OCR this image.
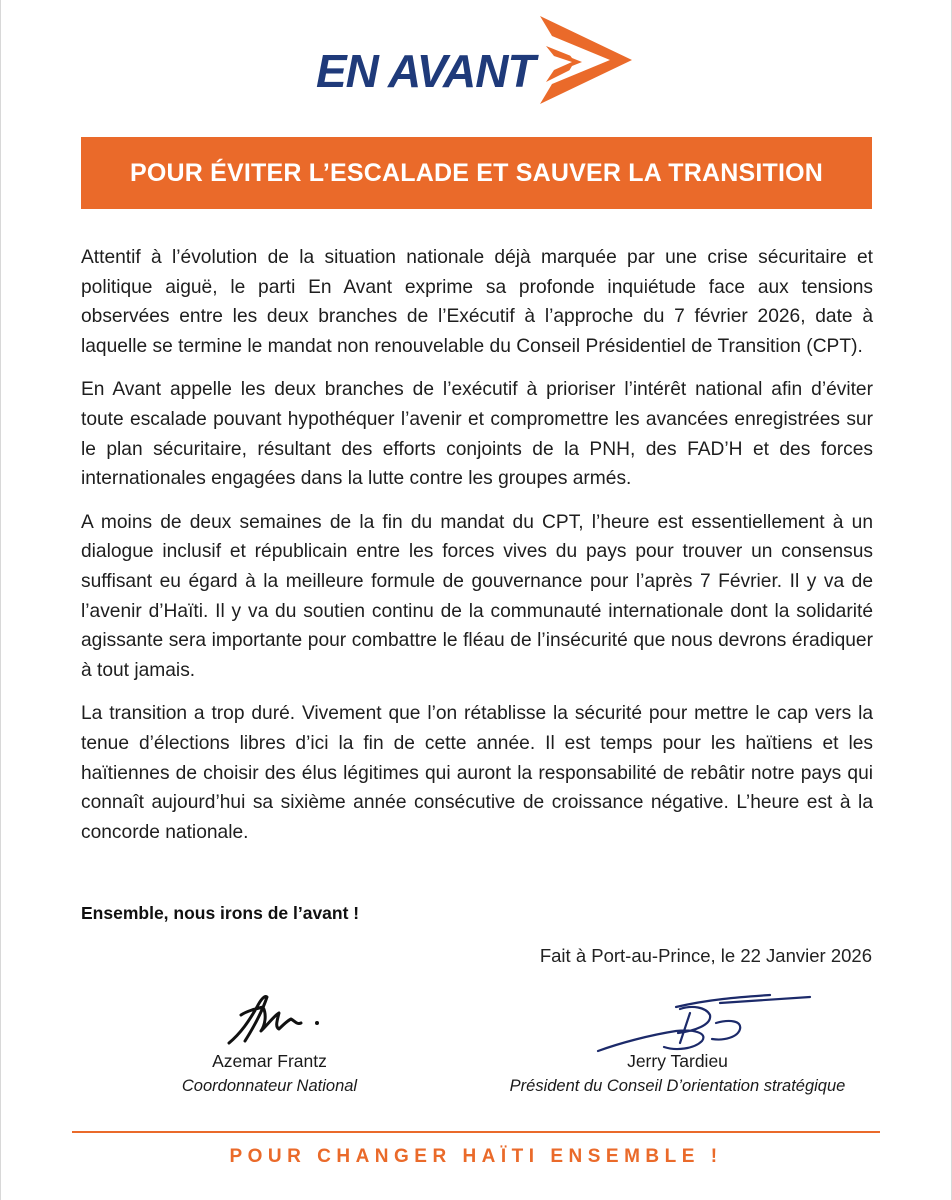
EN AVANT
POUR ÉVITER L’ESCALADE ET SAUVER LA TRANSITION

Attentif à l’évolution de la situation nationale déjà marquée par une crise sécuritaire et politique aiguë, le parti En Avant exprime sa profonde inquiétude face aux tensions observées entre les deux branches de l’Exécutif à l’approche du 7 février 2026, date à laquelle se termine le mandat non renouvelable du Conseil Présidentiel de Transition (CPT).

En Avant appelle les deux branches de l’exécutif à prioriser l’intérêt national afin d’éviter toute escalade pouvant hypothéquer l’avenir et compromettre les avancées enregistrées sur le plan sécuritaire, résultant des efforts conjoints de la PNH, des FAD’H et des forces internationales engagées dans la lutte contre les groupes armés.

A moins de deux semaines de la fin du mandat du CPT, l’heure est essentiellement à un dialogue inclusif et républicain entre les forces vives du pays pour trouver un consensus suffisant eu égard à la meilleure formule de gouvernance pour l’après 7 Février. Il y va de l’avenir d’Haïti. Il y va du soutien continu de la communauté internationale dont la solidarité agissante sera importante pour combattre le fléau de l’insécurité que nous devrons éradiquer à tout jamais.

La transition a trop duré. Vivement que l’on rétablisse la sécurité pour mettre le cap vers la tenue d’élections libres d’ici la fin de cette année. Il est temps pour les haïtiens et les haïtiennes de choisir des élus légitimes qui auront la responsabilité de rebâtir notre pays qui connaît aujourd’hui sa sixième année consécutive de croissance négative. L’heure est à la concorde nationale.

Ensemble, nous irons de l’avant !
Fait à Port-au-Prince, le 22 Janvier 2026
Azemar Frantz
Coordonnateur National
Jerry Tardieu
Président du Conseil D’orientation stratégique
POUR CHANGER HAÏTI ENSEMBLE !
